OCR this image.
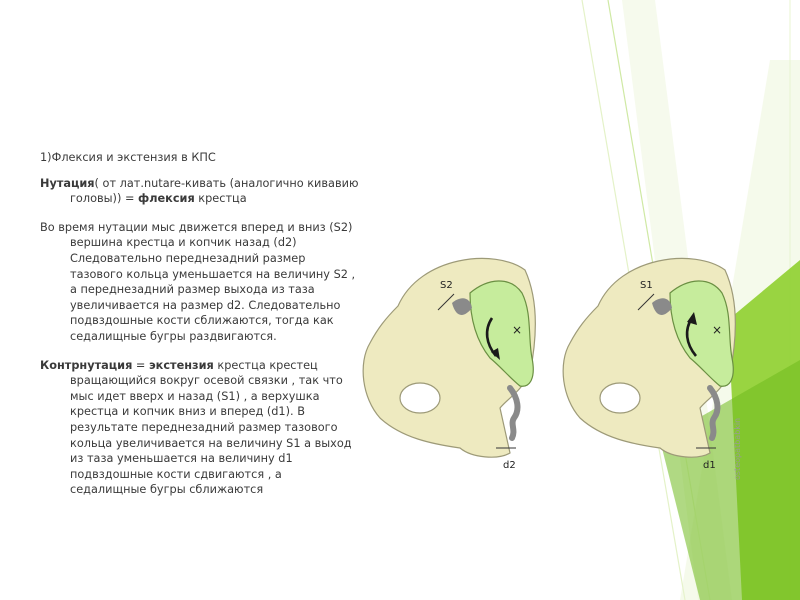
1)Флексия и экстензия в КПС

Нутация( от лат.nutare-кивать (аналогично кивавию головы)) = флексия крестца

Во время нутации мыс движется вперед и вниз (S2) вершина крестца и копчик назад (d2) Следовательно переднезадний размер тазового кольца уменьшается на величину S2 , а переднезадний размер выхода из таза увеличивается на размер d2. Следовательно подвздошные кости сближаются, тогда как седалищные бугры раздвигаются.

Контрнутация = экстензия крестца крестец вращающийся вокруг осевой связки , так что мыс идет вверх и назад (S1) , а верхушка крестца и копчик вниз и вперед (d1). В результате переднезадний размер тазового кольца увеличивается на величину S1 а выход из таза уменьшается на величину d1 подвздошные кости сдвигаются , а седалищные бугры сближаются

S2
d2
×
S1
d1
×
osteopatbabkin
